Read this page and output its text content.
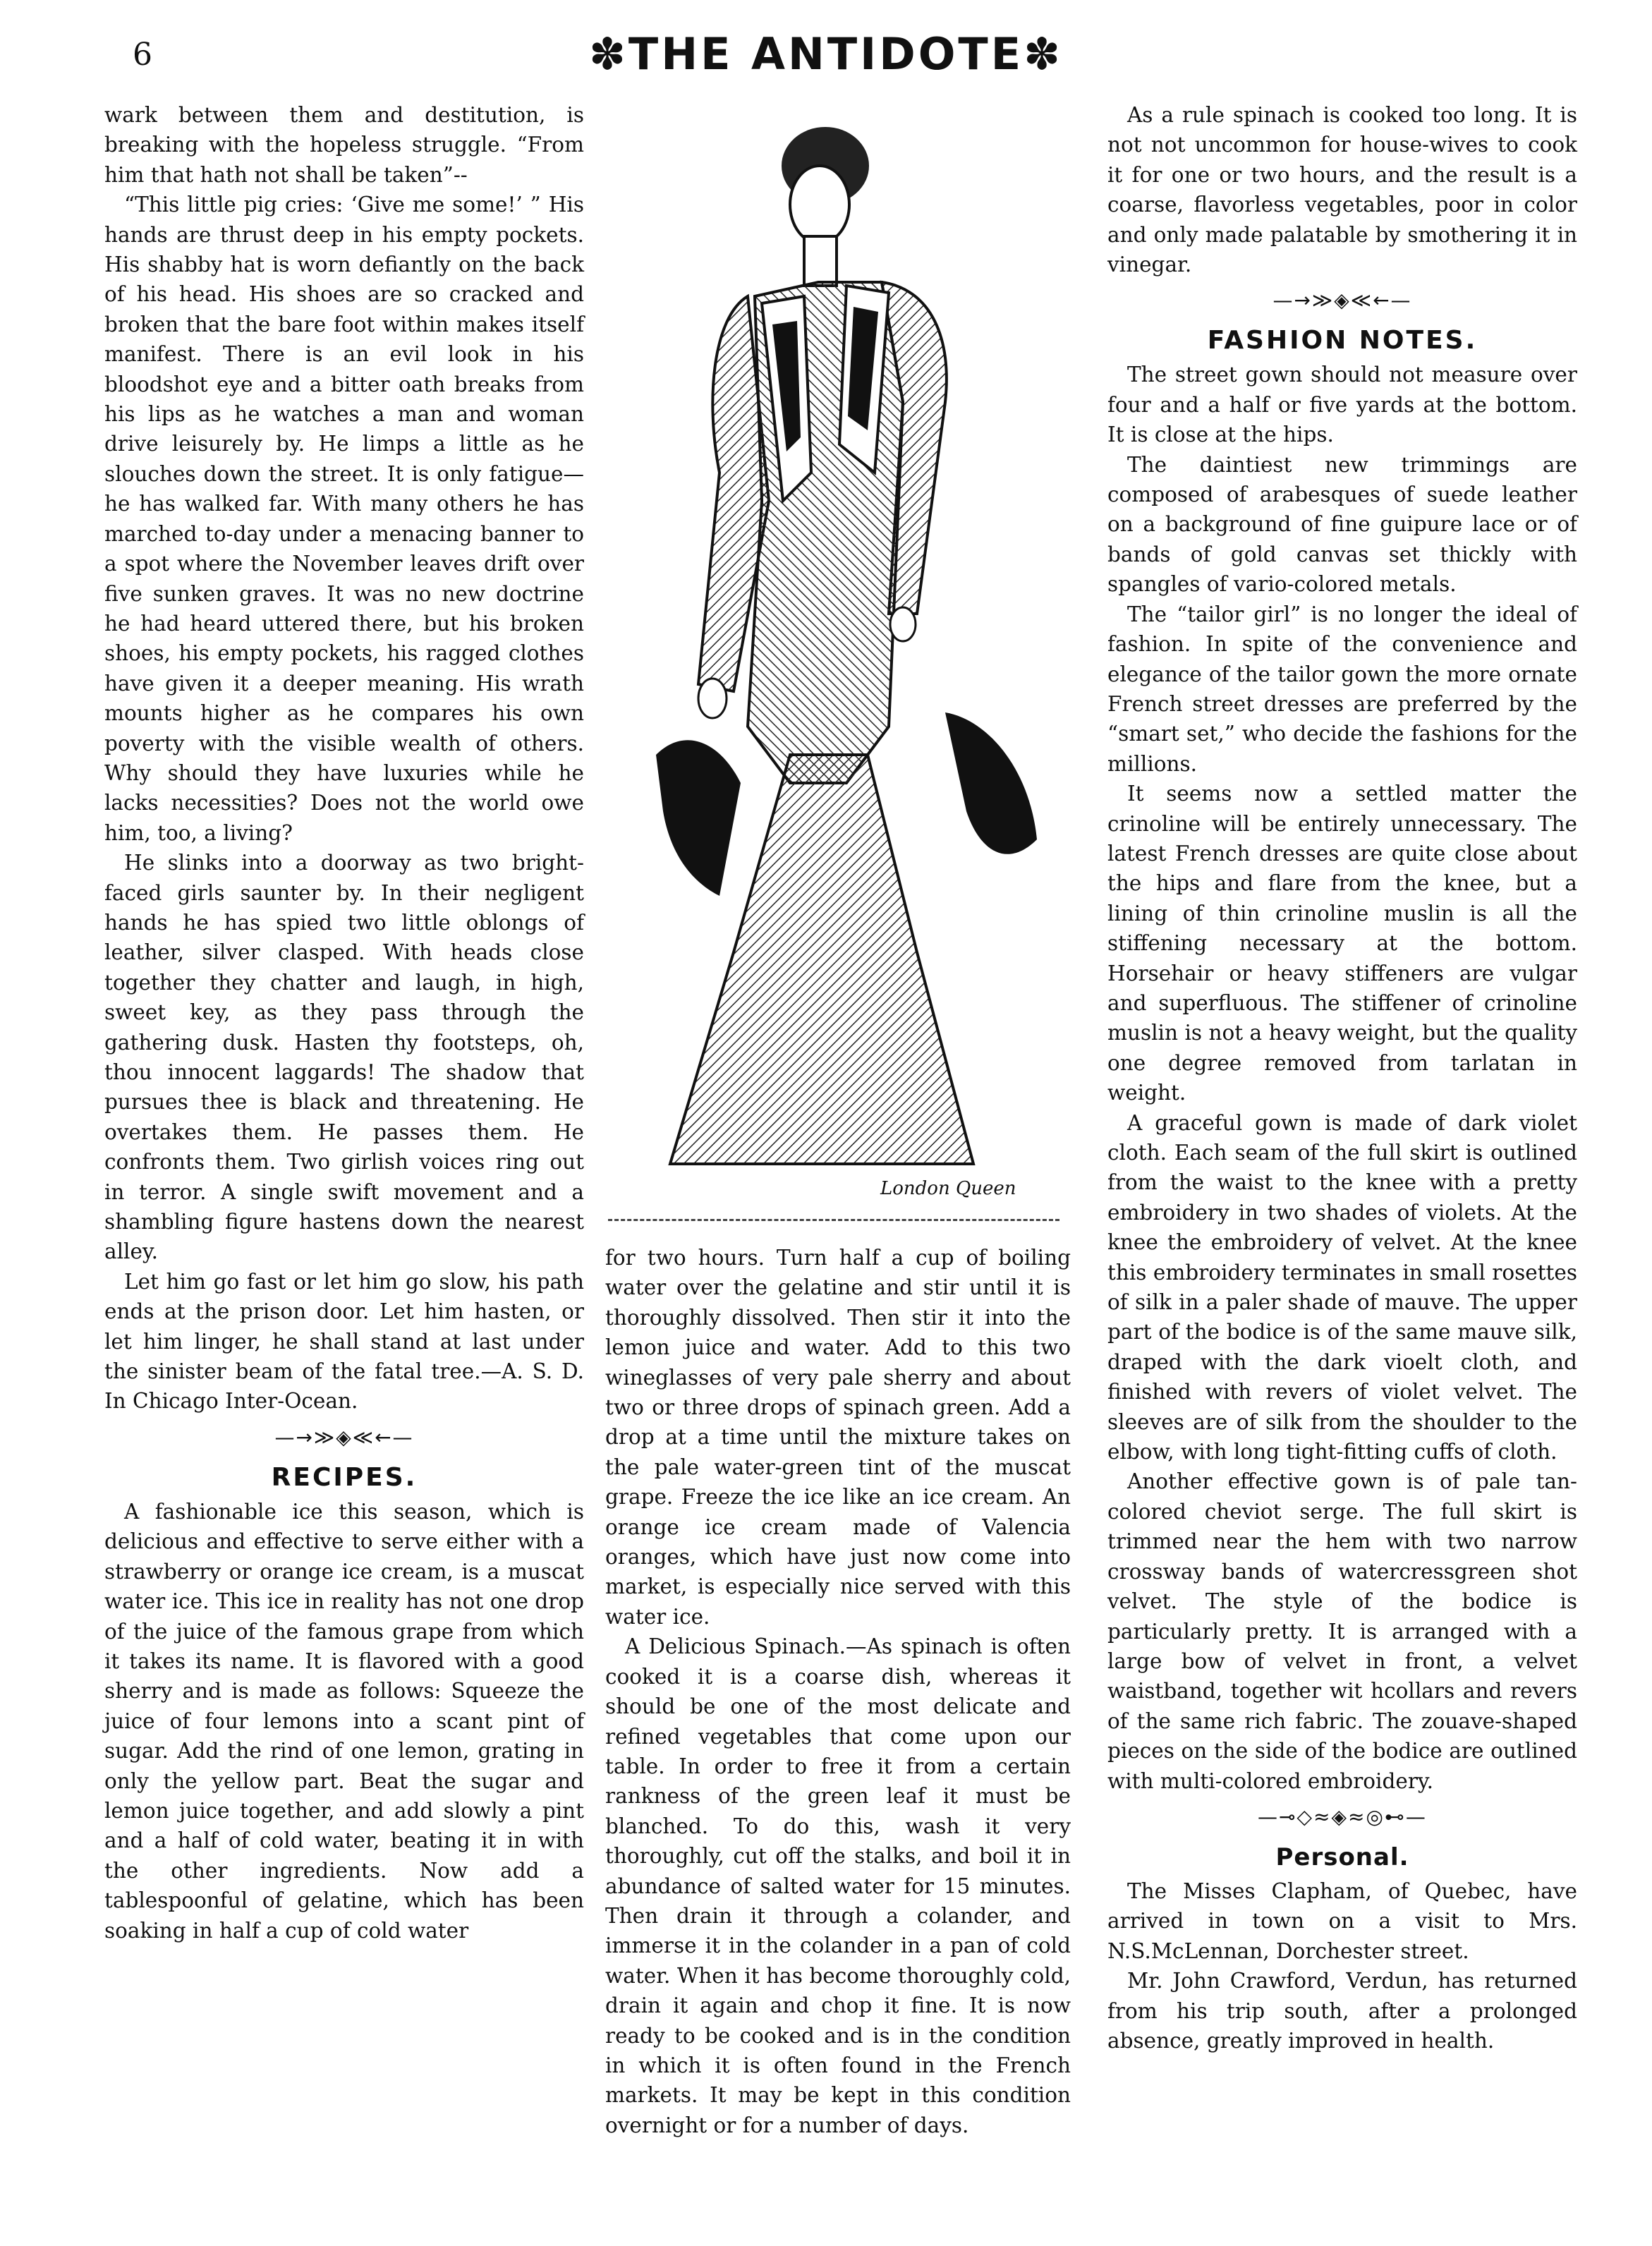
6	✽THE ANTIDOTE✽

wark between them and destitution, is breaking with the hopeless struggle. “From him that hath not shall be taken”--

“This little pig cries: ‘Give me some!’ ” His hands are thrust deep in his empty pockets. His shabby hat is worn defiantly on the back of his head. His shoes are so cracked and broken that the bare foot within makes itself manifest. There is an evil look in his bloodshot eye and a bitter oath breaks from his lips as he watches a man and woman drive leisurely by. He limps a little as he slouches down the street. It is only fatigue—he has walked far. With many others he has marched to-day under a menacing banner to a spot where the November leaves drift over five sunken graves. It was no new doctrine he had heard uttered there, but his broken shoes, his empty pockets, his ragged clothes have given it a deeper meaning. His wrath mounts higher as he compares his own poverty with the visible wealth of others. Why should they have luxuries while he lacks necessities? Does not the world owe him, too, a living?

He slinks into a doorway as two bright-faced girls saunter by. In their negligent hands he has spied two little oblongs of leather, silver clasped. With heads close together they chatter and laugh, in high, sweet key, as they pass through the gathering dusk. Hasten thy footsteps, oh, thou innocent laggards! The shadow that pursues thee is black and threatening. He overtakes them. He passes them. He confronts them. Two girlish voices ring out in terror. A single swift movement and a shambling figure hastens down the nearest alley.

Let him go fast or let him go slow, his path ends at the prison door. Let him hasten, or let him linger, he shall stand at last under the sinister beam of the fatal tree.—A. S. D. In Chicago Inter-Ocean.

—→≫◈≪←—
RECIPES.

A fashionable ice this season, which is delicious and effective to serve either with a strawberry or orange ice cream, is a muscat water ice. This ice in reality has not one drop of the juice of the famous grape from which it takes its name. It is flavored with a good sherry and is made as follows: Squeeze the juice of four lemons into a scant pint of sugar. Add the rind of one lemon, grating in only the yellow part. Beat the sugar and lemon juice together, and add slowly a pint and a half of cold water, beating it in with the other ingredients. Now add a tablespoonful of gelatine, which has been soaking in half a cup of cold water

London Queen

for two hours. Turn half a cup of boiling water over the gelatine and stir until it is thoroughly dissolved. Then stir it into the lemon juice and water. Add to this two wineglasses of very pale sherry and about two or three drops of spinach green. Add a drop at a time until the mixture takes on the pale water-green tint of the muscat grape. Freeze the ice like an ice cream. An orange ice cream made of Valencia oranges, which have just now come into market, is especially nice served with this water ice.

A Delicious Spinach.—As spinach is often cooked it is a coarse dish, whereas it should be one of the most delicate and refined vegetables that come upon our table. In order to free it from a certain rankness of the green leaf it must be blanched. To do this, wash it very thoroughly, cut off the stalks, and boil it in abundance of salted water for 15 minutes. Then drain it through a colander, and immerse it in the colander in a pan of cold water. When it has become thoroughly cold, drain it again and chop it fine. It is now ready to be cooked and is in the condition in which it is often found in the French markets. It may be kept in this condition overnight or for a number of days.

As a rule spinach is cooked too long. It is not not uncommon for house-wives to cook it for one or two hours, and the result is a coarse, flavorless vegetables, poor in color and only made palatable by smothering it in vinegar.

—→≫◈≪←—
FASHION NOTES.

The street gown should not measure over four and a half or five yards at the bottom. It is close at the hips.

The daintiest new trimmings are composed of arabesques of suede leather on a background of fine guipure lace or of bands of gold canvas set thickly with spangles of vario-colored metals.

The “tailor girl” is no longer the ideal of fashion. In spite of the convenience and elegance of the tailor gown the more ornate French street dresses are preferred by the “smart set,” who decide the fashions for the millions.

It seems now a settled matter the crinoline will be entirely unnecessary. The latest French dresses are quite close about the hips and flare from the knee, but a lining of thin crinoline muslin is all the stiffening necessary at the bottom. Horsehair or heavy stiffeners are vulgar and superfluous. The stiffener of crinoline muslin is not a heavy weight, but the quality one degree removed from tarlatan in weight.

A graceful gown is made of dark violet cloth. Each seam of the full skirt is outlined from the waist to the knee with a pretty embroidery in two shades of violets. At the knee the embroidery of velvet. At the knee this embroidery terminates in small rosettes of silk in a paler shade of mauve. The upper part of the bodice is of the same mauve silk, draped with the dark vioelt cloth, and finished with revers of violet velvet. The sleeves are of silk from the shoulder to the elbow, with long tight-fitting cuffs of cloth.

Another effective gown is of pale tan-colored cheviot serge. The full skirt is trimmed near the hem with two narrow crossway bands of watercressgreen shot velvet. The style of the bodice is particularly pretty. It is arranged with a large bow of velvet in front, a velvet waistband, together wit hcollars and revers of the same rich fabric. The zouave-shaped pieces on the side of the bodice are outlined with multi-colored embroidery.

—⊸◇≈◈≈◎⊷—
Personal.

The Misses Clapham, of Quebec, have arrived in town on a visit to Mrs. N.S.McLennan, Dorchester street.

Mr. John Crawford, Verdun, has returned from his trip south, after a prolonged absence, greatly improved in health.
